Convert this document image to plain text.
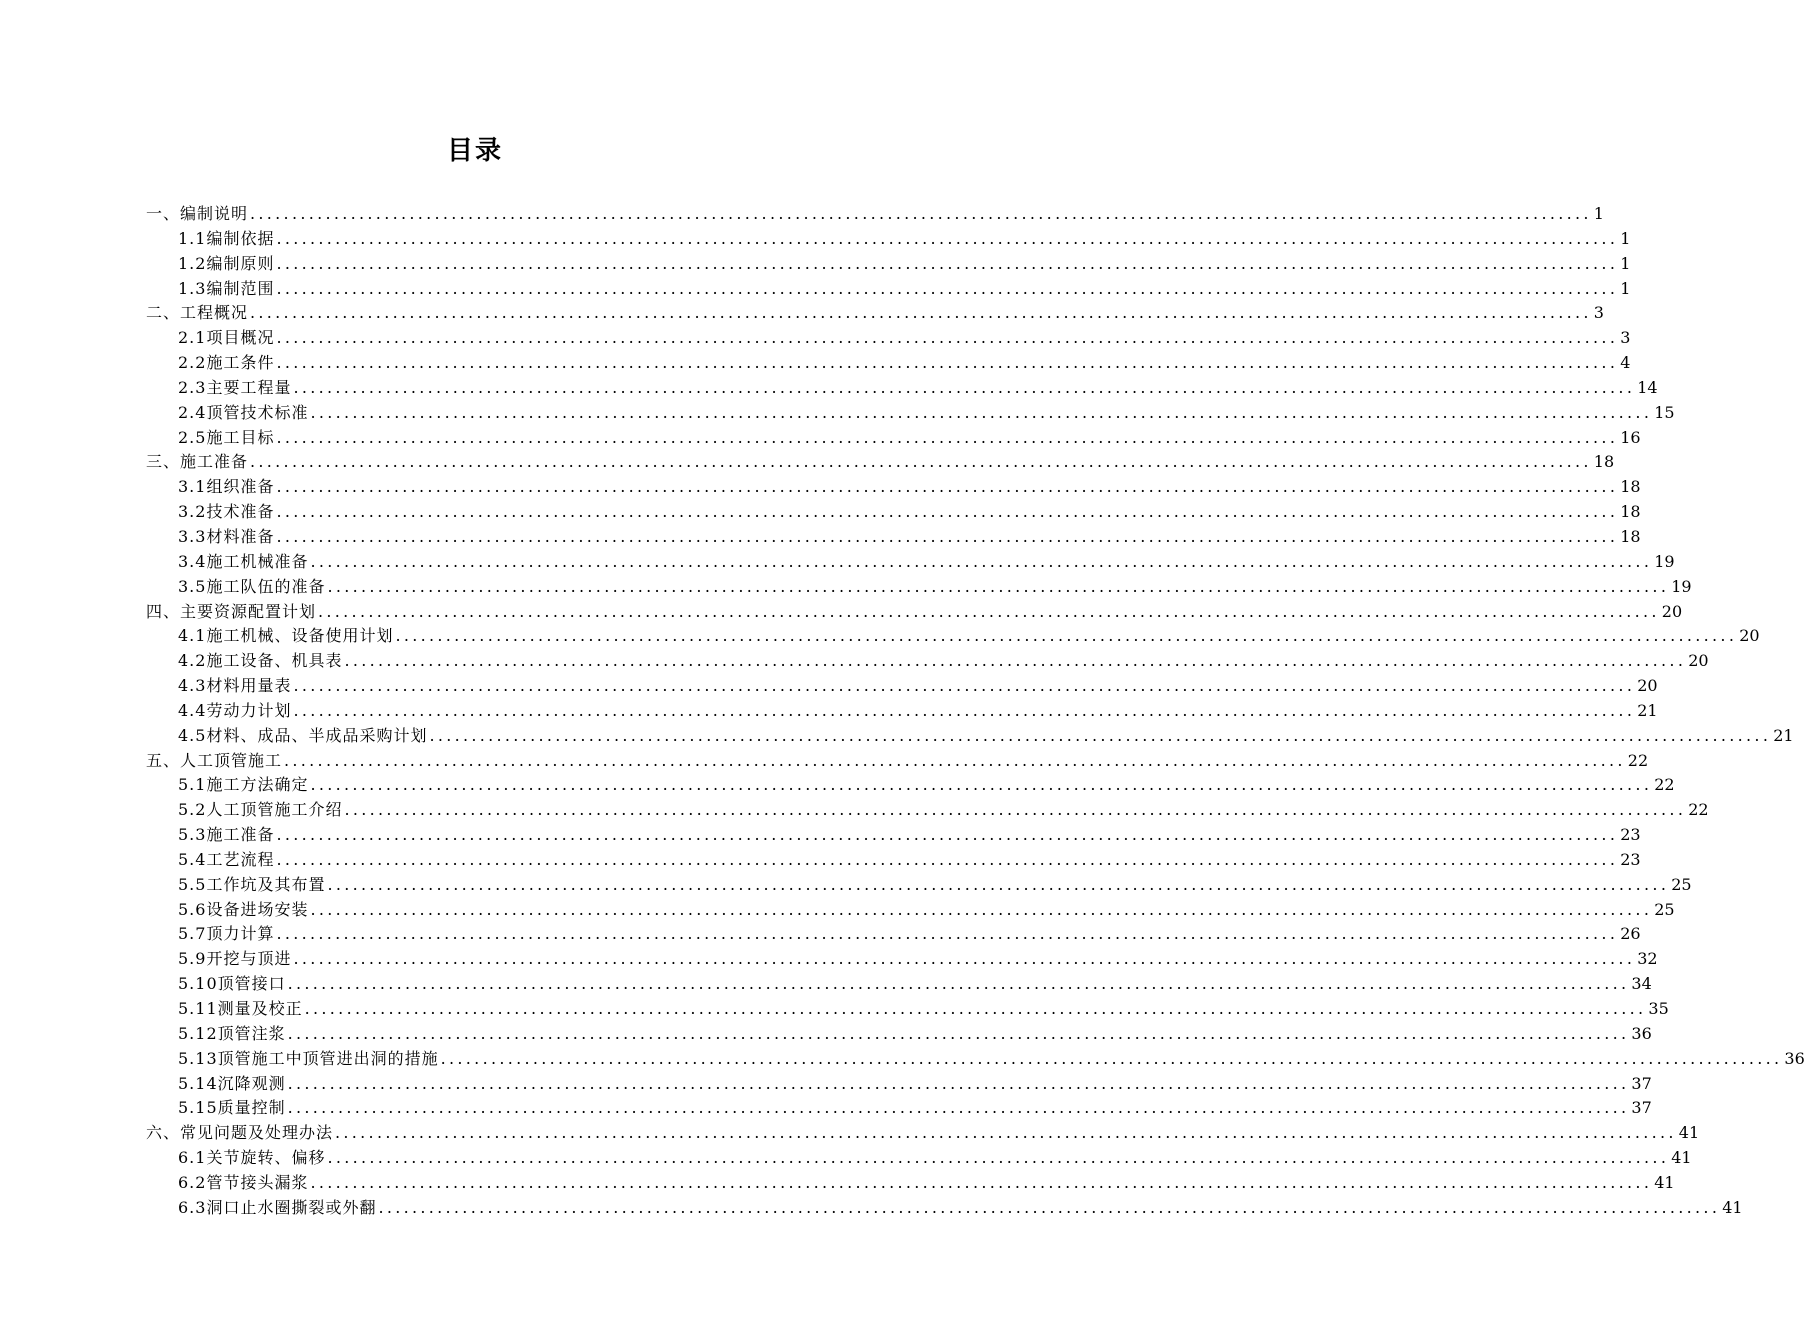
目录
一、编制说明 ................................................................................................................................................................ 1
1.1编制依据 ................................................................................................................................................................ 1
1.2编制原则 ................................................................................................................................................................ 1
1.3编制范围 ................................................................................................................................................................ 1
二、工程概况 ................................................................................................................................................................ 3
2.1项目概况 ................................................................................................................................................................ 3
2.2施工条件 ................................................................................................................................................................ 4
2.3主要工程量 ................................................................................................................................................................ 14
2.4顶管技术标准 ................................................................................................................................................................ 15
2.5施工目标 ................................................................................................................................................................ 16
三、施工准备 ................................................................................................................................................................ 18
3.1组织准备 ................................................................................................................................................................ 18
3.2技术准备 ................................................................................................................................................................ 18
3.3材料准备 ................................................................................................................................................................ 18
3.4施工机械准备 ................................................................................................................................................................ 19
3.5施工队伍的准备 ................................................................................................................................................................ 19
四、主要资源配置计划 ................................................................................................................................................................ 20
4.1施工机械、设备使用计划 ................................................................................................................................................................ 20
4.2施工设备、机具表 ................................................................................................................................................................ 20
4.3材料用量表 ................................................................................................................................................................ 20
4.4劳动力计划 ................................................................................................................................................................ 21
4.5材料、成品、半成品采购计划 ................................................................................................................................................................ 21
五、人工顶管施工 ................................................................................................................................................................ 22
5.1施工方法确定 ................................................................................................................................................................ 22
5.2人工顶管施工介绍 ................................................................................................................................................................ 22
5.3施工准备 ................................................................................................................................................................ 23
5.4工艺流程 ................................................................................................................................................................ 23
5.5工作坑及其布置 ................................................................................................................................................................ 25
5.6设备进场安装 ................................................................................................................................................................ 25
5.7顶力计算 ................................................................................................................................................................ 26
5.9开挖与顶进 ................................................................................................................................................................ 32
5.10顶管接口 ................................................................................................................................................................ 34
5.11测量及校正 ................................................................................................................................................................ 35
5.12顶管注浆 ................................................................................................................................................................ 36
5.13顶管施工中顶管进出洞的措施 ................................................................................................................................................................ 36
5.14沉降观测 ................................................................................................................................................................ 37
5.15质量控制 ................................................................................................................................................................ 37
六、常见问题及处理办法 ................................................................................................................................................................ 41
6.1关节旋转、偏移 ................................................................................................................................................................ 41
6.2管节接头漏浆 ................................................................................................................................................................ 41
6.3洞口止水圈撕裂或外翻 ................................................................................................................................................................ 41
